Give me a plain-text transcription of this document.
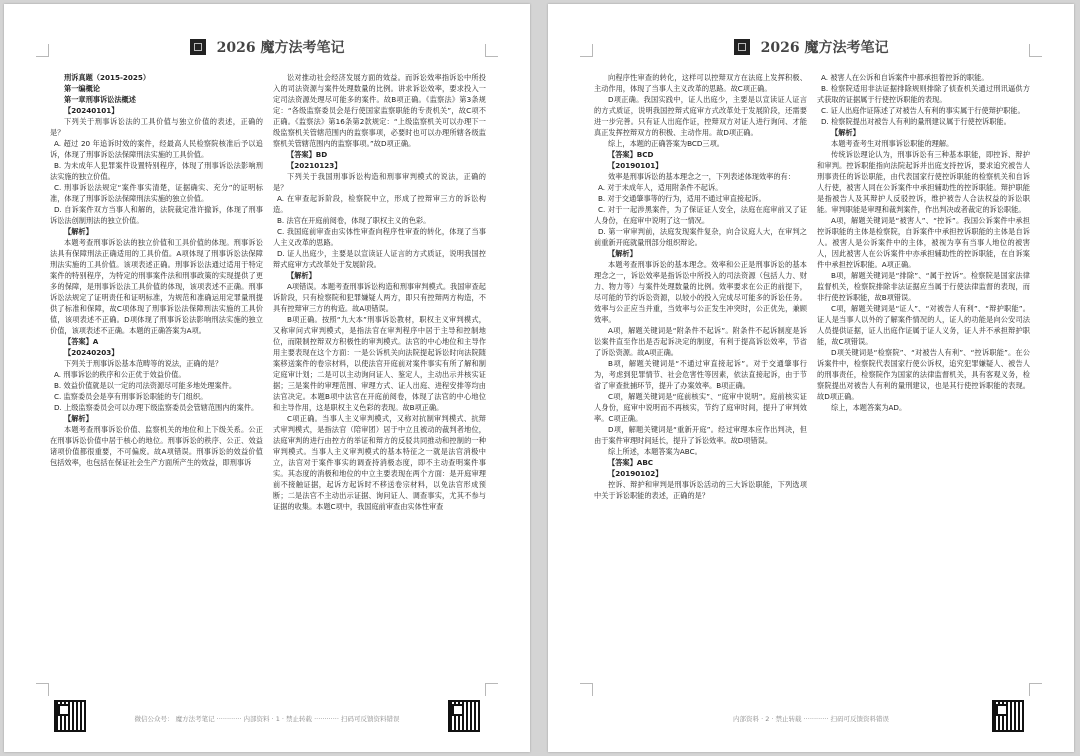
2026 魔方法考笔记

刑诉真题（2015-2025）

第一编概论

第一章刑事诉讼法概述

【20240101】

下列关于刑事诉讼法的工具价值与独立价值的表述，正确的是？

A. 超过 20 年追诉时效的案件，经最高人民检察院核准后予以追诉，体现了刑事诉讼法保障刑法实施的工具价值。

B. 为未成年人犯罪案件设置特别程序，体现了刑事诉讼法影响刑法实施的独立价值。

C. 刑事诉讼法规定“案件事实清楚，证据确实、充分”的证明标准，体现了刑事诉讼法保障刑法实施的独立价值。

D. 自诉案件双方当事人和解的，法院裁定准许撤诉，体现了刑事诉讼法创制刑法的独立价值。

【解析】

本题考查刑事诉讼法的独立价值和工具价值的体现。刑事诉讼法具有保障刑法正确适用的工具价值。A项体现了刑事诉讼法保障刑法实施的工具价值。该项表述正确。刑事诉讼法通过适用于特定案件的特别程序，为特定的刑事案件法和刑事政策的实现提供了更多的保障，是刑事诉讼法工具价值的体现，该项表述不正确。刑事诉讼法规定了证明责任和证明标准，为规范和准确运用定罪量刑提供了标准和保障，故C项体现了刑事诉讼法保障刑法实施的工具价值，该项表述不正确。D项体现了刑事诉讼法影响刑法实施的独立价值，该项表述不正确。本题的正确答案为A项。

【答案】A

【20240203】

下列关于刑事诉讼基本范畴等的说法，正确的是？

A. 刑事诉讼的秩序和公正优于效益价值。

B. 效益价值就是以一定的司法资源尽可能多地处理案件。

C. 监察委员会是享有刑事诉讼职能的专门组织。

D. 上级监察委员会可以办理下级监察委员会管辖范围内的案件。

【解析】

本题考查刑事诉讼价值、监察机关的地位和上下级关系。公正在刑事诉讼价值中居于核心的地位。刑事诉讼的秩序、公正、效益诸项价值都很重要，不可偏废。故A项错误。刑事诉讼的效益价值包括效率，也包括在保证社会生产方面所产生的效益，即刑事诉

讼对推动社会经济发展方面的效益。而诉讼效率指诉讼中所投入的司法资源与案件处理数量的比例。讲求诉讼效率，要求投入一定司法资源处理尽可能多的案件。故B项正确。《监察法》第3条规定：“各级监察委员会是行使国家监察职能的专责机关”，故C项不正确。《监察法》第16条第2款规定：“上级监察机关可以办理下一级监察机关管辖范围内的监察事项，必要时也可以办理所辖各级监察机关管辖范围内的监察事项。”故D项正确。

【答案】BD

【20210123】

下列关于我国刑事诉讼构造和刑事审判模式的说法，正确的是？

A. 在审查起诉阶段，检察院中立，形成了控辩审三方的诉讼构造。

B. 法官在开庭前阅卷，体现了职权主义的色彩。

C. 我国庭前审查由实体性审查向程序性审查的转化，体现了当事人主义改革的思路。

D. 证人出庭少，主要是以宣读证人证言的方式质证，说明我国控辩式庭审方式改革处于发展阶段。

【解析】

A项错误。本题考查刑事诉讼构造和刑事审判模式。我国审查起诉阶段，只有检察院和犯罪嫌疑人两方，即只有控辩两方构造，不具有控辩审三方的构造。故A项错误。

B项正确。按照“九大本”刑事诉讼教材，职权主义审判模式，又称审问式审判模式，是指法官在审判程序中居于主导和控制地位，而限制控辩双方积极性的审判模式。法官的中心地位和主导作用主要表现在这个方面：一是公诉机关向法院提起诉讼时向法院随案移送案件的卷宗材料，以使法官开庭前对案件事实有所了解和制定庭审计划；二是可以主动询问证人、鉴定人，主动出示并核实证据；三是案件的审理范围、审理方式、证人出庭、进程安排等均由法官决定。本题B项中法官在开庭前阅卷，体现了法官的中心地位和主导作用，这是职权主义色彩的表现。故B项正确。

C项正确。当事人主义审判模式，又称对抗制审判模式、抗辩式审判模式，是指法官（陪审团）居于中立且被动的裁判者地位，法庭审判的进行由控方的举证和辩方的反驳共同推动和控制的一种审判模式。当事人主义审判模式的基本特征之一就是法官消极中立，法官对于案件事实的调查持消极态度，即不主动查明案件事实。其态度的消极和地位的中立主要表现在两个方面：是开庭审理前不接触证据，起诉方起诉时不移送卷宗材料，以免法官形成预断；二是法官不主动出示证据、询问证人、调查事实，尤其不参与证据的收集。本题C项中，我国庭前审查由实体性审查

微信公众号： 魔方法考笔记 ············ 内部资料 · 1 · 禁止转载 ············ 扫码可反馈资料错误
2026 魔方法考笔记

向程序性审查的转化，这样可以控辩双方在法庭上发挥积极、主动作用，体现了当事人主义改革的思路。故C项正确。

D项正确。我国实践中，证人出庭少，主要是以宣读证人证言的方式质证，说明我国控辩式庭审方式改革处于发展阶段，还需要进一步完善。只有证人出庭作证，控辩双方对证人进行询问、才能真正发挥控辩双方的积极、主动作用。故D项正确。

综上，本题的正确答案为BCD三项。

【答案】BCD

【20190101】

效率是刑事诉讼的基本理念之一，下列表述体现效率的有：

A. 对于未成年人，适用附条件不起诉。

B. 对于交通肇事等的行为，适用不通过审直接起诉。

C. 对于一起涉黑案件，为了保证证人安全，法庭在庭审前又了证人身份，在庭审中说明了这一情况。

D. 第一审审判前，法庭发现案件复杂，向合议庭人大，在审判之前重新开庭就量刑部分组织辩论。

【解析】

本题考查刑事诉讼的基本理念。效率和公正是刑事诉讼的基本理念之一，诉讼效率是指诉讼中所投入的司法资源（包括人力、财力、物力等）与案件处理数量的比例。效率要求在公正的前提下，尽可能的节约诉讼资源，以较小的投入完成尽可能多的诉讼任务。效率与公正应当并重，当效率与公正发生冲突时，公正优先，兼顾效率。

A项，解题关键词是“附条件不起诉”。附条件不起诉制度是诉讼案件直至作出是否起诉决定的制度，有利于提高诉讼效率，节省了诉讼资源。故A项正确。

B项，解题关键词是“不通过审直接起诉”。对于交通肇事行为，考虑到犯罪情节、社会危害性等因素，依法直接起诉，由于节省了审查批捕环节，提升了办案效率。B项正确。

C项，解题关键词是“庭前核实”、“庭审中说明”。庭前核实证人身份，庭审中说明而不再核实，节约了庭审时间，提升了审判效率。C项正确。

D项，解题关键词是“重新开庭”。经过审理本应作出判决，但由于案件审理时间延长，提升了诉讼效率。故D项错误。

综上所述，本题答案为ABC。

【答案】ABC

【20190102】

控诉、辩护和审判是刑事诉讼活动的三大诉讼职能，下列选项中关于诉讼职能的表述，正确的是？

A. 被害人在公诉和自诉案件中都承担着控诉的职能。

B. 检察院适用非法证据排除规则排除了侦查机关通过刑讯逼供方式获取的证据属于行使控诉职能的表现。

C. 证人出庭作证陈述了对被告人有利的事实属于行使辩护职能。

D. 检察院提出对被告人有利的量刑建议属于行使控诉职能。

【解析】

本题考查考生对刑事诉讼职能的理解。

传统诉讼理论认为，刑事诉讼有三种基本职能，即控诉、辩护和审判。控诉职能指向法院起诉并出庭支持控诉，要求追究被告人刑事责任的诉讼职能，由代表国家行使控诉职能的检察机关和自诉人行使，被害人同在公诉案件中承担辅助性的控诉职能。辩护职能是指被告人及其辩护人反驳控诉，维护被告人合法权益的诉讼职能。审判职能是审理和裁判案件，作出判决或者裁定的诉讼职能。

A项，解题关键词是“被害人”、“控诉”。我国公诉案件中承担控诉职能的主体是检察院，自诉案件中承担控诉职能的主体是自诉人。被害人是公诉案件中的主体，被视为享有当事人地位的被害人，因此被害人在公诉案件中亦承担辅助性的控诉职能，在自诉案件中承担控诉职能。A项正确。

B项，解题关键词是“排除”、“属于控诉”。检察院是国家法律监督机关，检察院排除非法证据应当属于行使法律监督的表现，而非行使控诉职能，故B项错误。

C项，解题关键词是“证人”、“对被告人有利”、“辩护职能”。证人是当事人以外的了解案件情况的人，证人的功能是向公安司法人员提供证据，证人出庭作证属于证人义务，证人并不承担辩护职能，故C项错误。

D项关键词是“检察院”、“对被告人有利”、“控诉职能”。在公诉案件中，检察院代表国家行使公诉权，追究犯罪嫌疑人、被告人的刑事责任，检察院作为国家的法律监督机关，具有客观义务，检察院提出对被告人有利的量刑建议，也是其行使控诉职能的表现。故D项正确。

综上，本题答案为AD。

内部资料 · 2 · 禁止转载 ············ 扫码可反馈资料错误
